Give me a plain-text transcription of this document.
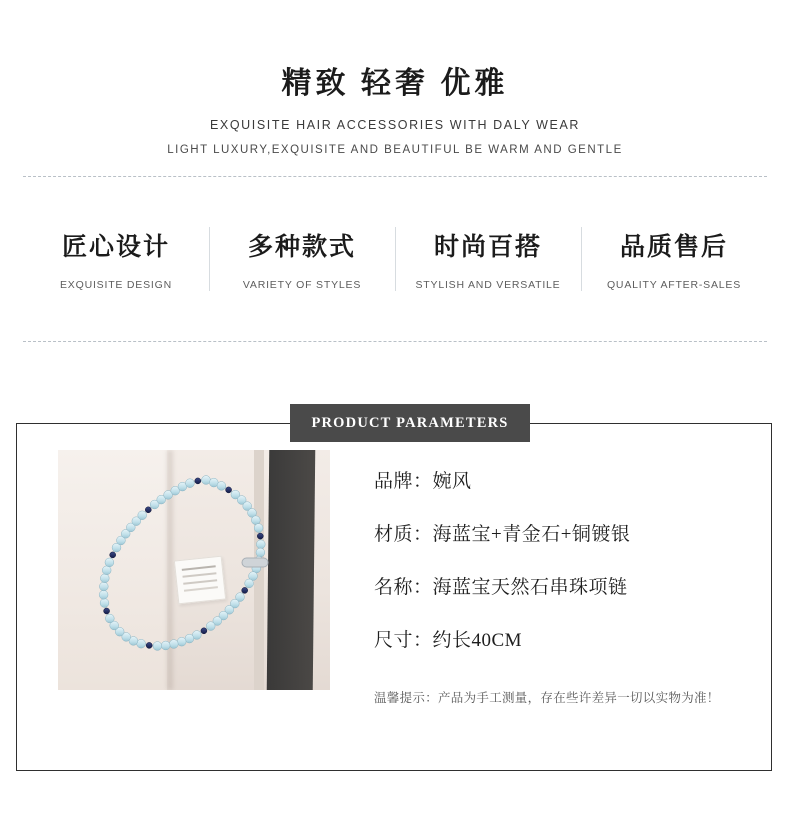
精致 轻奢 优雅
EXQUISITE HAIR ACCESSORIES WITH DALY WEAR
LIGHT LUXURY,EXQUISITE AND BEAUTIFUL BE WARM AND GENTLE
匠心设计
EXQUISITE DESIGN
多种款式
VARIETY OF STYLES
时尚百搭
STYLISH AND VERSATILE
品质售后
QUALITY AFTER-SALES
PRODUCT PARAMETERS
品牌：婉风
材质：海蓝宝+青金石+铜镀银
名称：海蓝宝天然石串珠项链
尺寸：约长40CM
温馨提示：产品为手工测量，存在些许差异一切以实物为准！
